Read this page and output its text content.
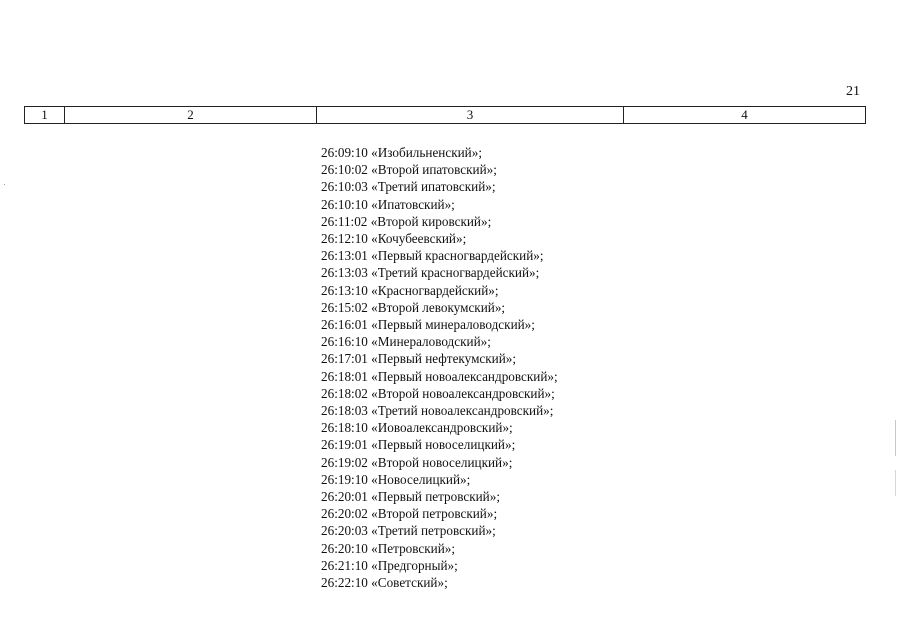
21
1	2	3	4
26:09:10 «Изобильненский»;
26:10:02 «Второй ипатовский»;
26:10:03 «Третий ипатовский»;
26:10:10 «Ипатовский»;
26:11:02 «Второй кировский»;
26:12:10 «Кочубеевский»;
26:13:01 «Первый красногвардейский»;
26:13:03 «Третий красногвардейский»;
26:13:10 «Красногвардейский»;
26:15:02 «Второй левокумский»;
26:16:01 «Первый минераловодский»;
26:16:10 «Минераловодский»;
26:17:01 «Первый нефтекумский»;
26:18:01 «Первый новоалександровский»;
26:18:02 «Второй новоалександровский»;
26:18:03 «Третий новоалександровский»;
26:18:10 «Иовоалександровский»;
26:19:01 «Первый новоселицкий»;
26:19:02 «Второй новоселицкий»;
26:19:10 «Новоселицкий»;
26:20:01 «Первый петровский»;
26:20:02 «Второй петровский»;
26:20:03 «Третий петровский»;
26:20:10 «Петровский»;
26:21:10 «Предгорный»;
26:22:10 «Советский»;
